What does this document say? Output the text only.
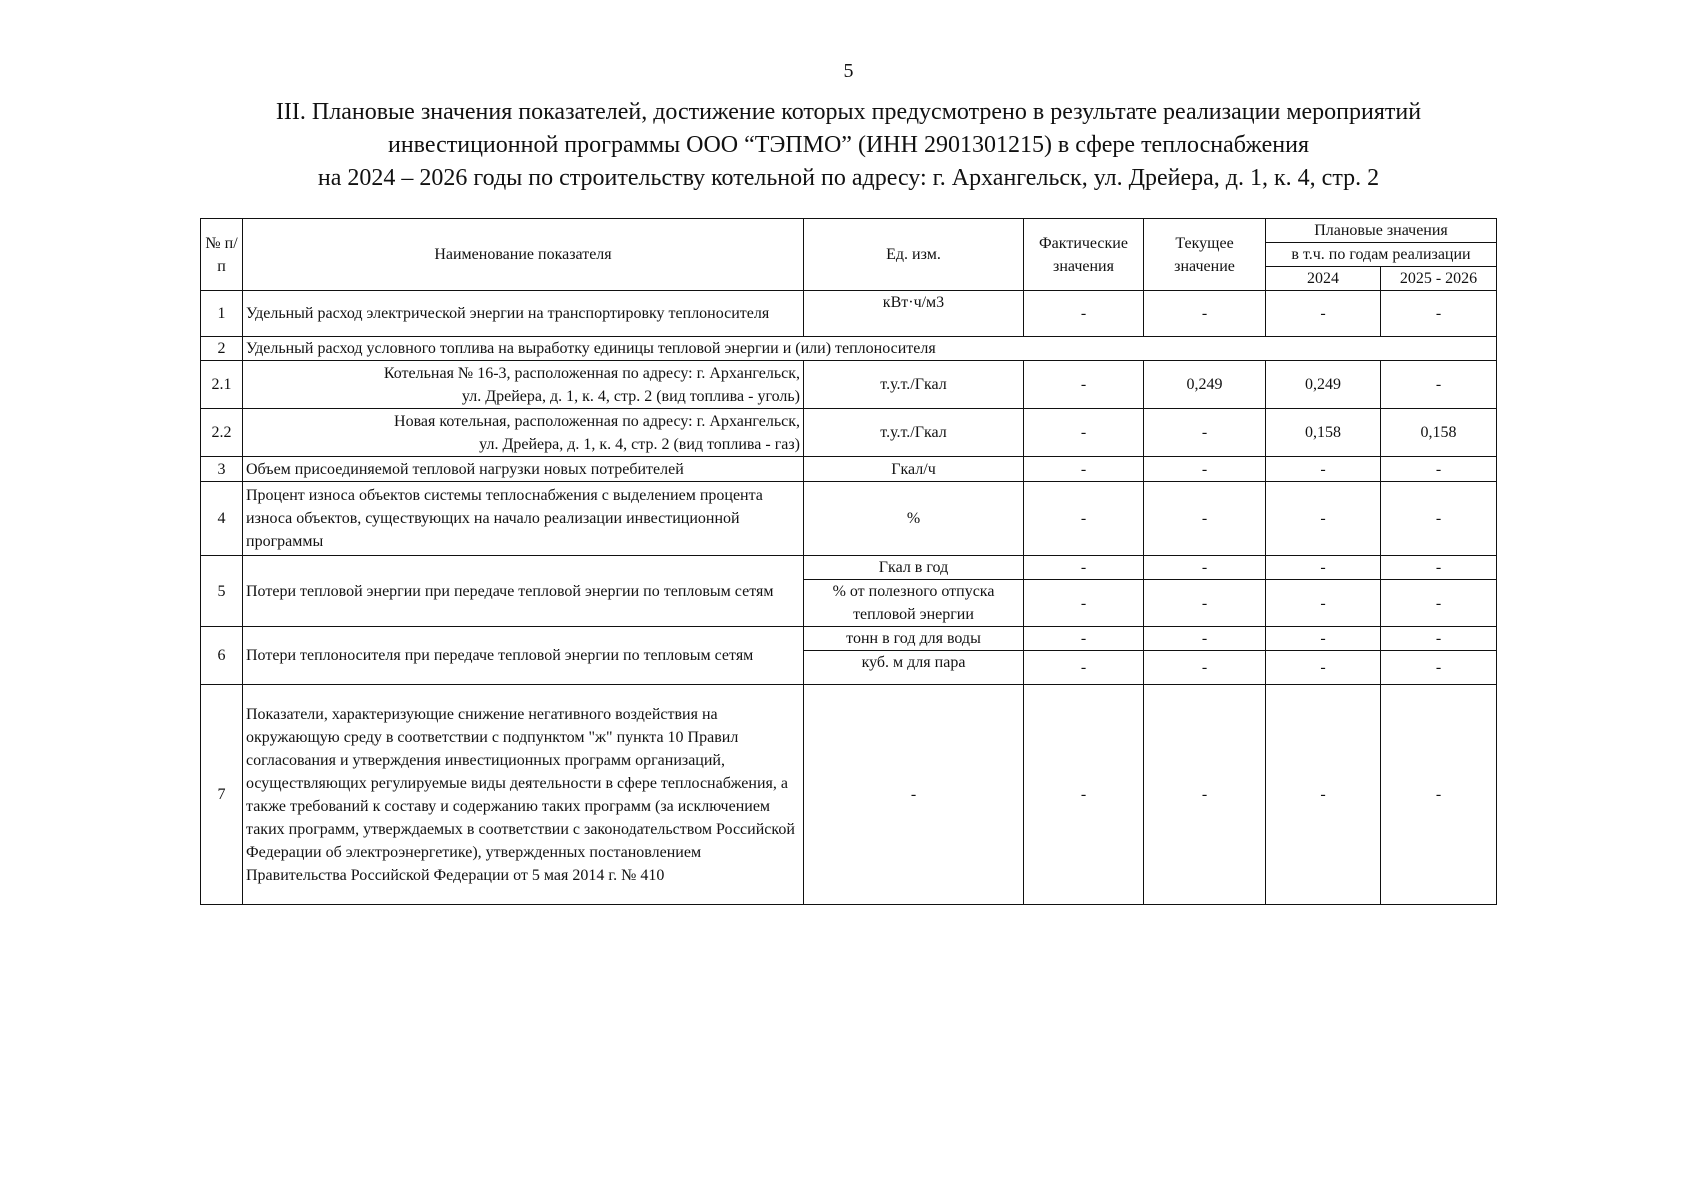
5
III. Плановые значения показателей, достижение которых предусмотрено в результате реализации мероприятий
инвестиционной программы ООО “ТЭПМО” (ИНН 2901301215) в сфере теплоснабжения
на 2024 – 2026 годы по строительству котельной по адресу: г. Архангельск, ул. Дрейера, д. 1, к. 4, стр. 2
№ п/п	Наименование показателя	Ед. изм.	Фактические значения	Текущее значение	Плановые значения	
					в т.ч. по годам реализации	
					2024	2025 - 2026
1	Удельный расход электрической энергии на транспортировку теплоносителя	кВт·ч/м3	-	-	-	-
2	Удельный расход условного топлива на выработку единицы тепловой энергии и (или) теплоносителя					
2.1	Котельная № 16-3, расположенная по адресу: г. Архангельск,
ул. Дрейера, д. 1, к. 4, стр. 2 (вид топлива - уголь)	т.у.т./Гкал	-	0,249	0,249	-
2.2	Новая котельная, расположенная по адресу: г. Архангельск,
ул. Дрейера, д. 1, к. 4, стр. 2 (вид топлива - газ)	т.у.т./Гкал	-	-	0,158	0,158
3	Объем присоединяемой тепловой нагрузки новых потребителей	Гкал/ч	-	-	-	-
4	Процент износа объектов системы теплоснабжения с выделением процента износа объектов, существующих на начало реализации инвестиционной программы	%	-	-	-	-
5	Потери тепловой энергии при передаче тепловой энергии по тепловым сетям	Гкал в год	-	-	-	-
		% от полезного отпуска тепловой энергии	-	-	-	-
6	Потери теплоносителя при передаче тепловой энергии по тепловым сетям	тонн в год для воды	-	-	-	-
		куб. м для пара	-	-	-	-
7	Показатели, характеризующие снижение негативного воздействия на окружающую среду в соответствии с подпунктом "ж" пункта 10 Правил согласования и утверждения инвестиционных программ организаций, осуществляющих регулируемые виды деятельности в сфере теплоснабжения, а также требований к составу и содержанию таких программ (за исключением таких программ, утверждаемых в соответствии с законодательством Российской Федерации об электроэнергетике), утвержденных постановлением Правительства Российской Федерации от 5 мая 2014 г. № 410	-	-	-	-	-
